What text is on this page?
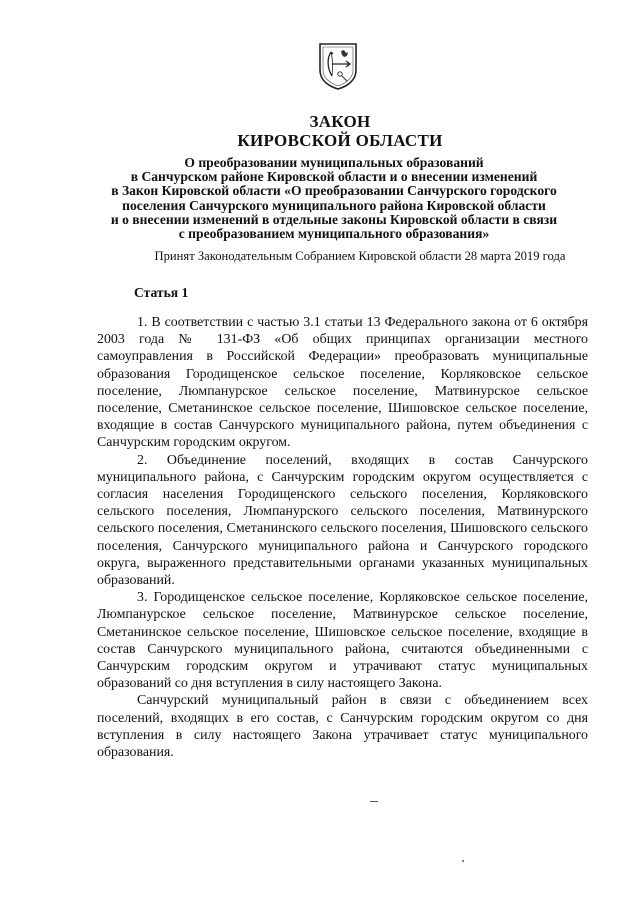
ЗАКОН

КИРОВСКОЙ ОБЛАСТИ

О преобразовании муниципальных образований
в Санчурском районе Кировской области и о внесении изменений
в Закон Кировской области «О преобразовании Санчурского городского
поселения Санчурского муниципального района Кировской области
и о внесении изменений в отдельные законы Кировской области в связи
с преобразованием муниципального образования»

Принят Законодательным Собранием Кировской области 28 марта 2019 года

Статья 1

1. В соответствии с частью 3.1 статьи 13 Федерального закона от 6 октября 2003 года № 131-ФЗ «Об общих принципах организации местного самоуправления в Российской Федерации» преобразовать муниципальные образования Городищенское сельское поселение, Корляковское сельское поселение, Люмпанурское сельское поселение, Матвинурское сельское поселение, Сметанинское сельское поселение, Шишовское сельское поселение, входящие в состав Санчурского муниципального района, путем объединения с Санчурским городским округом.

2. Объединение поселений, входящих в состав Санчурского муниципального района, с Санчурским городским округом осуществляется с согласия населения Городищенского сельского поселения, Корляковского сельского поселения, Люмпанурского сельского поселения, Матвинурского сельского поселения, Сметанинского сельского поселения, Шишовского сельского поселения, Санчурского муниципального района и Санчурского городского округа, выраженного представительными органами указанных муниципальных образований.

3. Городищенское сельское поселение, Корляковское сельское поселение, Люмпанурское сельское поселение, Матвинурское сельское поселение, Сметанинское сельское поселение, Шишовское сельское поселение, входящие в состав Санчурского муниципального района, считаются объединенными с Санчурским городским округом и утрачивают статус муниципальных образований со дня вступления в силу настоящего Закона.

Санчурский муниципальный район в связи с объединением всех поселений, входящих в его состав, с Санчурским городским округом со дня вступления в силу настоящего Закона утрачивает статус муниципального образования.
